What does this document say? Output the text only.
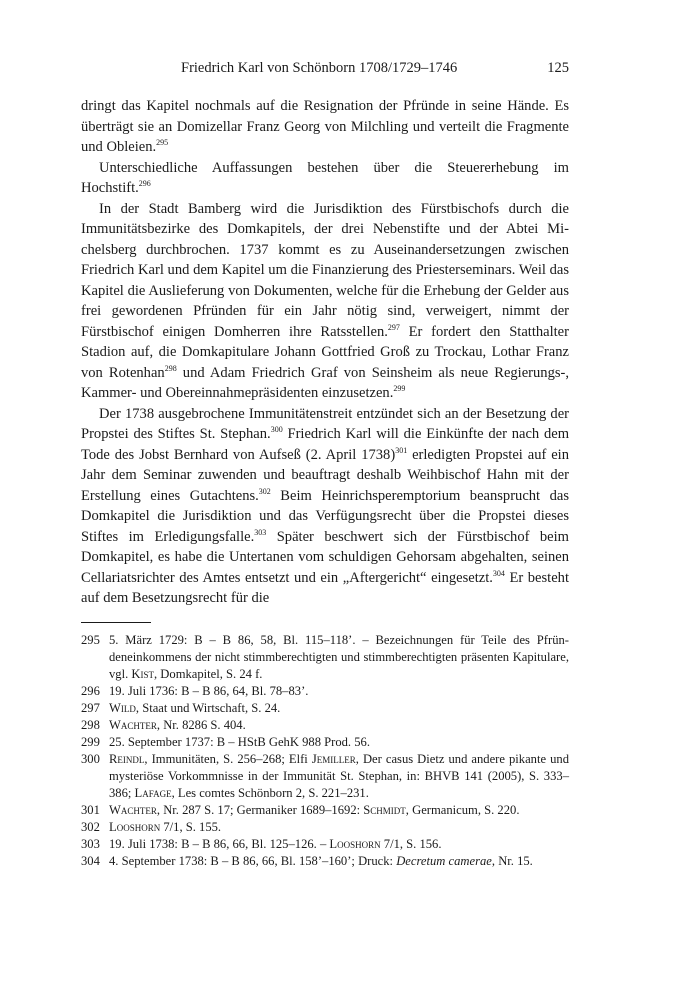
Friedrich Karl von Schönborn 1708/1729–1746	125

dringt das Kapitel nochmals auf die Resignation der Pfründe in seine Hände. Es überträgt sie an Domizellar Franz Georg von Milchling und verteilt die Fragmente und Obleien.$^{295}$

Unterschiedliche Auffassungen bestehen über die Steuererhebung im Hochstift.$^{296}$

In der Stadt Bamberg wird die Jurisdiktion des Fürstbischofs durch die Immunitätsbezirke des Domkapitels, der drei Nebenstifte und der Abtei Michelsberg durchbrochen. 1737 kommt es zu Auseinandersetzungen zwischen Friedrich Karl und dem Kapitel um die Finanzierung des Priesterseminars. Weil das Kapitel die Auslieferung von Dokumenten, welche für die Erhebung der Gelder aus frei gewordenen Pfründen für ein Jahr nötig sind, verweigert, nimmt der Fürstbischof einigen Domherren ihre Ratsstellen.$^{297}$ Er fordert den Statthalter Stadion auf, die Domkapitulare Johann Gottfried Groß zu Trockau, Lothar Franz von Rotenhan$^{298}$ und Adam Friedrich Graf von Seinsheim als neue Regierungs-, Kammer- und Obereinnahmepräsidenten einzusetzen.$^{299}$

Der 1738 ausgebrochene Immunitätenstreit entzündet sich an der Besetzung der Propstei des Stiftes St. Stephan.$^{300}$ Friedrich Karl will die Einkünfte der nach dem Tode des Jobst Bernhard von Aufseß (2. April 1738)$^{301}$ erledigten Propstei auf ein Jahr dem Seminar zuwenden und beauftragt deshalb Weihbischof Hahn mit der Erstellung eines Gutachtens.$^{302}$ Beim Heinrichsperemptorium beansprucht das Domkapitel die Jurisdiktion und das Verfügungsrecht über die Propstei dieses Stiftes im Erledigungsfalle.$^{303}$ Später beschwert sich der Fürstbischof beim Domkapitel, es habe die Untertanen vom schuldigen Gehorsam abgehalten, seinen Cellariatsrichter des Amtes entsetzt und ein „Aftergericht“ eingesetzt.$^{304}$ Er besteht auf dem Besetzungsrecht für die

295 5. März 1729: B – B 86, 58, Bl. 115–118’. – Bezeichnungen für Teile des Pfründeneinkommens der nicht stimmberechtigten und stimmberechtigten präsenten Kapitulare, vgl. Kist, Domkapitel, S. 24 f.
296 19. Juli 1736: B – B 86, 64, Bl. 78–83’.
297 Wild, Staat und Wirtschaft, S. 24.
298 Wachter, Nr. 8286 S. 404.
299 25. September 1737: B – HStB GehK 988 Prod. 56.
300 Reindl, Immunitäten, S. 256–268; Elfi Jemiller, Der casus Dietz und andere pikante und mysteriöse Vorkommnisse in der Immunität St. Stephan, in: BHVB 141 (2005), S. 333–386; Lafage, Les comtes Schönborn 2, S. 221–231.
301 Wachter, Nr. 287 S. 17; Germaniker 1689–1692: Schmidt, Germanicum, S. 220.
302 Looshorn 7/1, S. 155.
303 19. Juli 1738: B – B 86, 66, Bl. 125–126. – Looshorn 7/1, S. 156.
304 4. September 1738: B – B 86, 66, Bl. 158’–160’; Druck: Decretum camerae, Nr. 15.
